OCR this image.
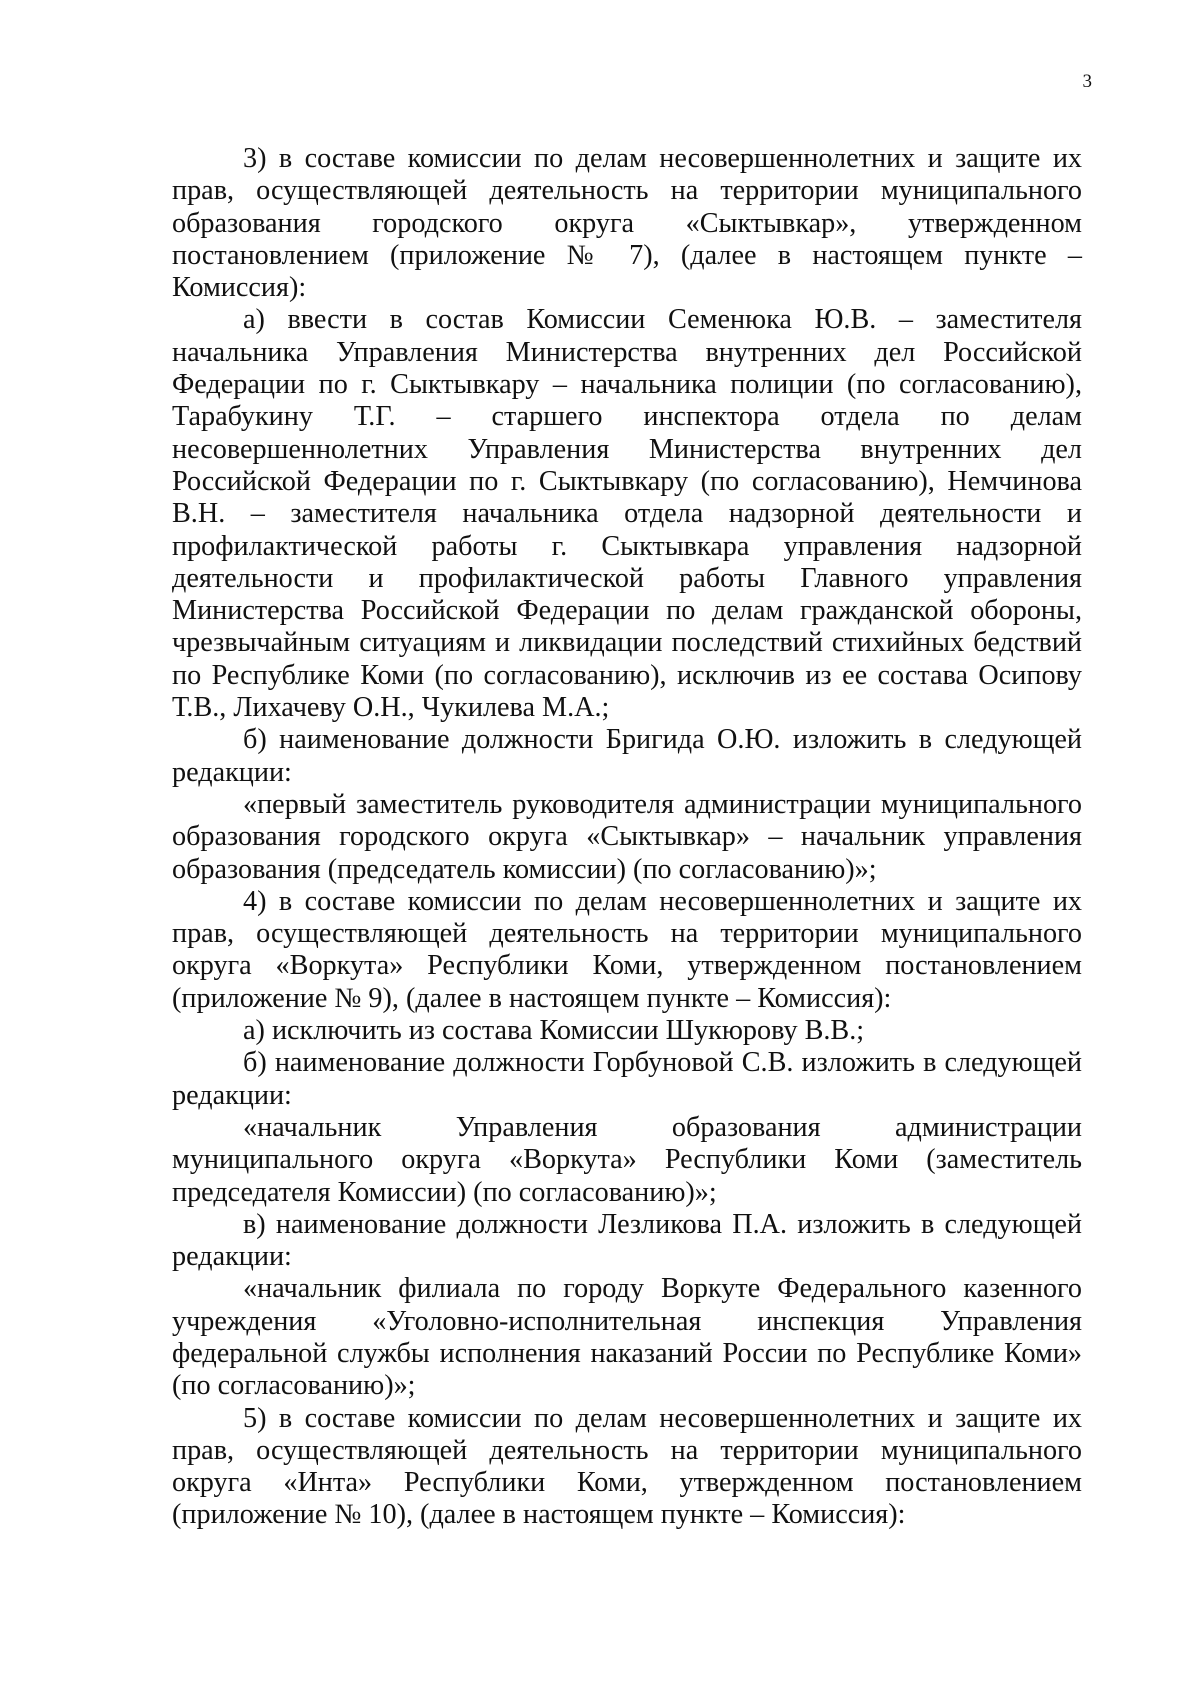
3

3) в составе комиссии по делам несовершеннолетних и защите их прав, осуществляющей деятельность на территории муниципального образования городского округа «Сыктывкар», утвержденном постановлением (приложение № 7), (далее в настоящем пункте – Комиссия):

а) ввести в состав Комиссии Семенюка Ю.В. – заместителя начальника Управления Министерства внутренних дел Российской Федерации по г. Сыктывкару – начальника полиции (по согласованию), Тарабукину Т.Г. – старшего инспектора отдела по делам несовершеннолетних Управления Министерства внутренних дел Российской Федерации по г. Сыктывкару (по согласованию), Немчинова В.Н. – заместителя начальника отдела надзорной деятельности и профилактической работы г. Сыктывкара управления надзорной деятельности и профилактической работы Главного управления Министерства Российской Федерации по делам гражданской обороны, чрезвычайным ситуациям и ликвидации последствий стихийных бедствий по Республике Коми (по согласованию), исключив из ее состава Осипову Т.В., Лихачеву О.Н., Чукилева М.А.;

б) наименование должности Бригида О.Ю. изложить в следующей редакции:

«первый заместитель руководителя администрации муниципального образования городского округа «Сыктывкар» – начальник управления образования (председатель комиссии) (по согласованию)»;

4) в составе комиссии по делам несовершеннолетних и защите их прав, осуществляющей деятельность на территории муниципального округа «Воркута» Республики Коми, утвержденном постановлением (приложение № 9), (далее в настоящем пункте – Комиссия):

а) исключить из состава Комиссии Шукюрову В.В.;

б) наименование должности Горбуновой С.В. изложить в следующей редакции:

«начальник Управления образования администрации муниципального округа «Воркута» Республики Коми (заместитель председателя Комиссии) (по согласованию)»;

в) наименование должности Лезликова П.А. изложить в следующей редакции:

«начальник филиала по городу Воркуте Федерального казенного учреждения «Уголовно-исполнительная инспекция Управления федеральной службы исполнения наказаний России по Республике Коми» (по согласованию)»;

5) в составе комиссии по делам несовершеннолетних и защите их прав, осуществляющей деятельность на территории муниципального округа «Инта» Республики Коми, утвержденном постановлением (приложение № 10), (далее в настоящем пункте – Комиссия):
